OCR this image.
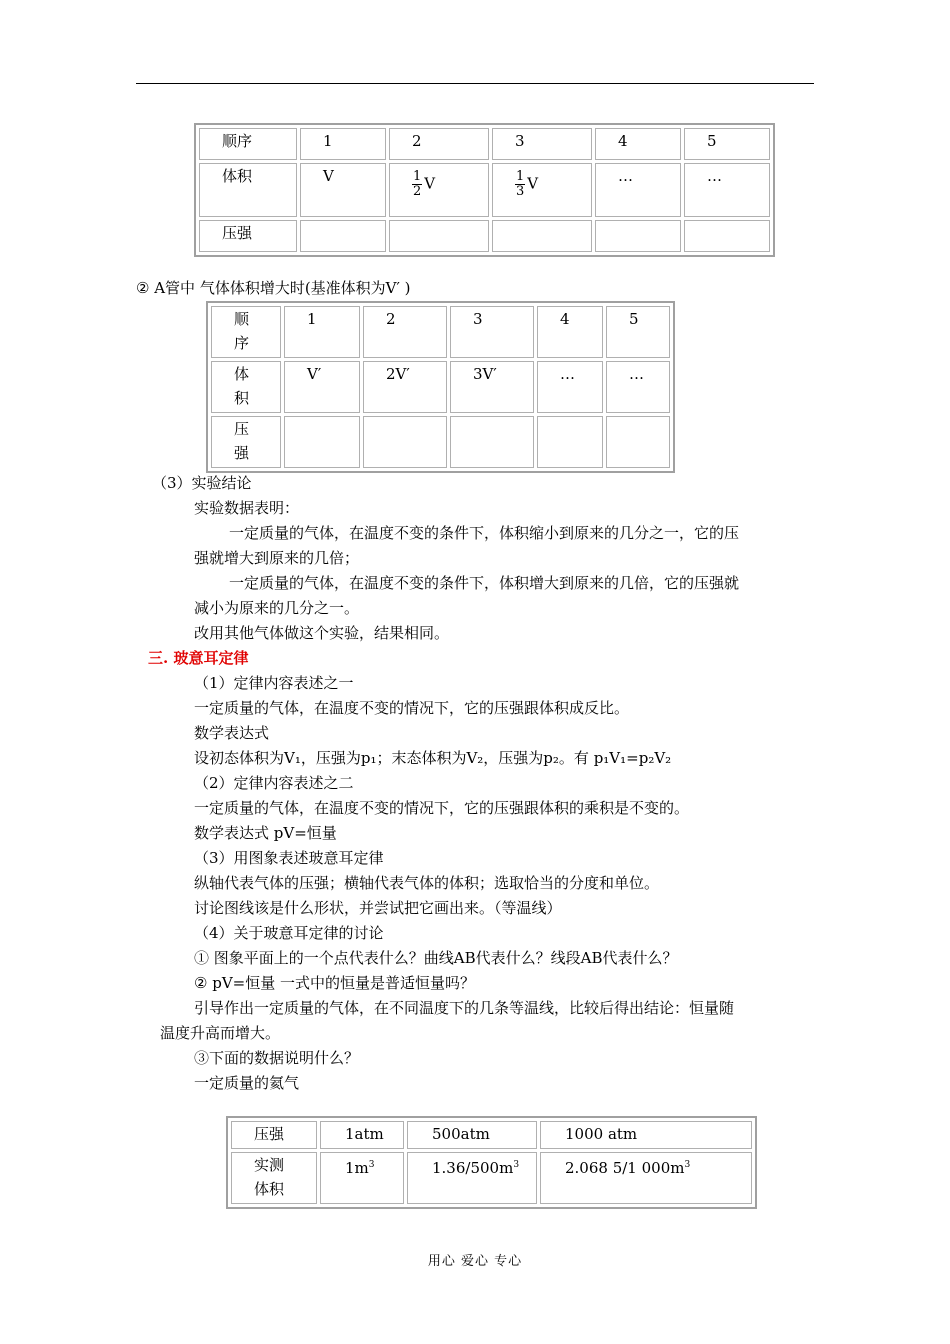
顺序	1	2	3	4	5
体积	V	$\frac{1}{2}$ V	$\frac{1}{3}$ V	…	…
压强					
② A管中 气体体积增大时(基准体积为V′ )
顺
序	1	2	3	4	5

体
积	V′	2V′	3V′	…	…

压
强					

（3）实验结论
实验数据表明：
一定质量的气体，在温度不变的条件下，体积缩小到原来的几分之一，它的压
强就增大到原来的几倍；
一定质量的气体，在温度不变的条件下，体积增大到原来的几倍，它的压强就
减小为原来的几分之一。
改用其他气体做这个实验，结果相同。
三. 玻意耳定律
（1）定律内容表述之一
一定质量的气体，在温度不变的情况下，它的压强跟体积成反比。
数学表达式
设初态体积为V₁，压强为p₁；末态体积为V₂，压强为p₂。有 p₁V₁=p₂V₂
（2）定律内容表述之二
一定质量的气体，在温度不变的情况下，它的压强跟体积的乘积是不变的。
数学表达式 pV=恒量
（3）用图象表述玻意耳定律
纵轴代表气体的压强；横轴代表气体的体积；选取恰当的分度和单位。
讨论图线该是什么形状，并尝试把它画出来。（等温线）
（4）关于玻意耳定律的讨论
① 图象平面上的一个点代表什么？曲线AB代表什么？线段AB代表什么？
② pV=恒量 一式中的恒量是普适恒量吗？
引导作出一定质量的气体，在不同温度下的几条等温线，比较后得出结论：恒量随
温度升高而增大。
③下面的数据说明什么？
一定质量的氦气
压强	1atm	500atm	1000 atm

实测
体积	$1m^3$	$1.36/500m^3$	2.068 5/1 $000m^3$
用心 爱心 专心
